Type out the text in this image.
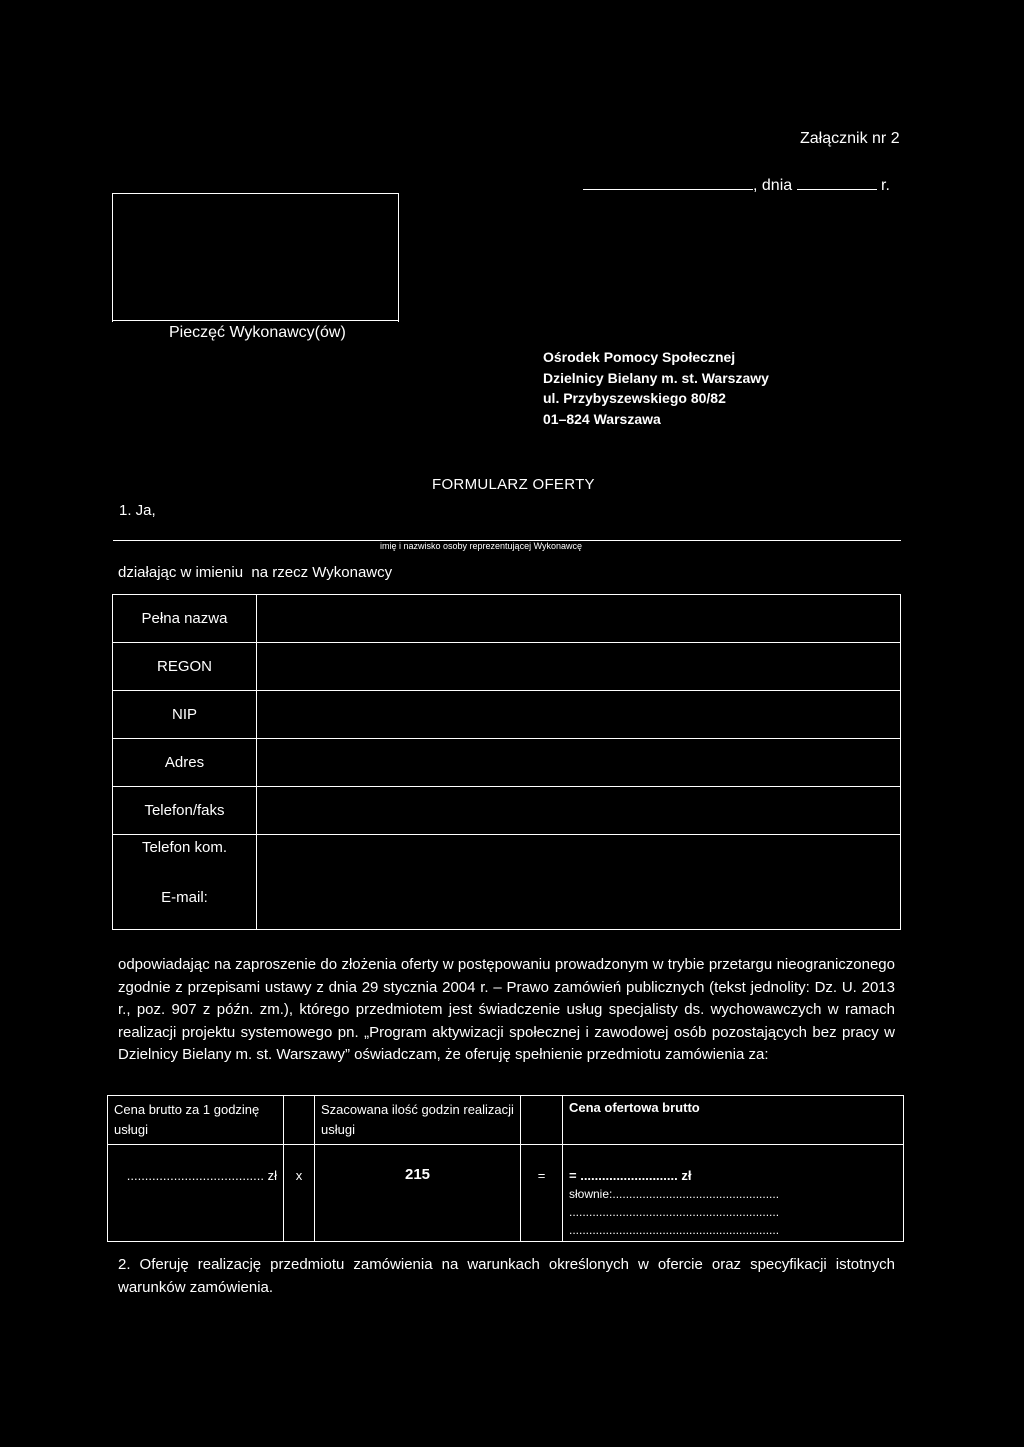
Załącznik nr 2
, dnia	r.
Pieczęć Wykonawcy(ów)
Ośrodek Pomocy Społecznej
Dzielnicy Bielany m. st. Warszawy
ul. Przybyszewskiego 80/82
01–824 Warszawa
FORMULARZ OFERTY
1. Ja,
imię i nazwisko osoby reprezentującej Wykonawcę
działając w imieniu  na rzecz Wykonawcy
Pełna nazwa	
REGON	
NIP	
Adres	
Telefon/faks	
Telefon kom.	
E-mail:	
odpowiadając na zaproszenie do złożenia oferty w postępowaniu prowadzonym w trybie przetargu nieograniczonego zgodnie z przepisami ustawy z dnia 29 stycznia 2004 r. – Prawo zamówień publicznych (tekst jednolity: Dz. U. 2013 r., poz. 907 z późn. zm.), którego przedmiotem jest świadczenie usług specjalisty ds. wychowawczych w ramach realizacji projektu systemowego pn. „Program aktywizacji społecznej i zawodowej osób pozostających bez pracy w Dzielnicy Bielany m. st. Warszawy” oświadczam, że oferuję spełnienie przedmiotu zamówienia za:
Cena brutto za 1 godzinę usługi		Szacowana ilość godzin realizacji usługi		Cena ofertowa brutto
...................................... zł	x	215	=	= ........................... zł
słownie:..................................................
...............................................................
...............................................................
2. Oferuję realizację przedmiotu zamówienia na warunkach określonych w ofercie oraz specyfikacji istotnych warunków zamówienia.
